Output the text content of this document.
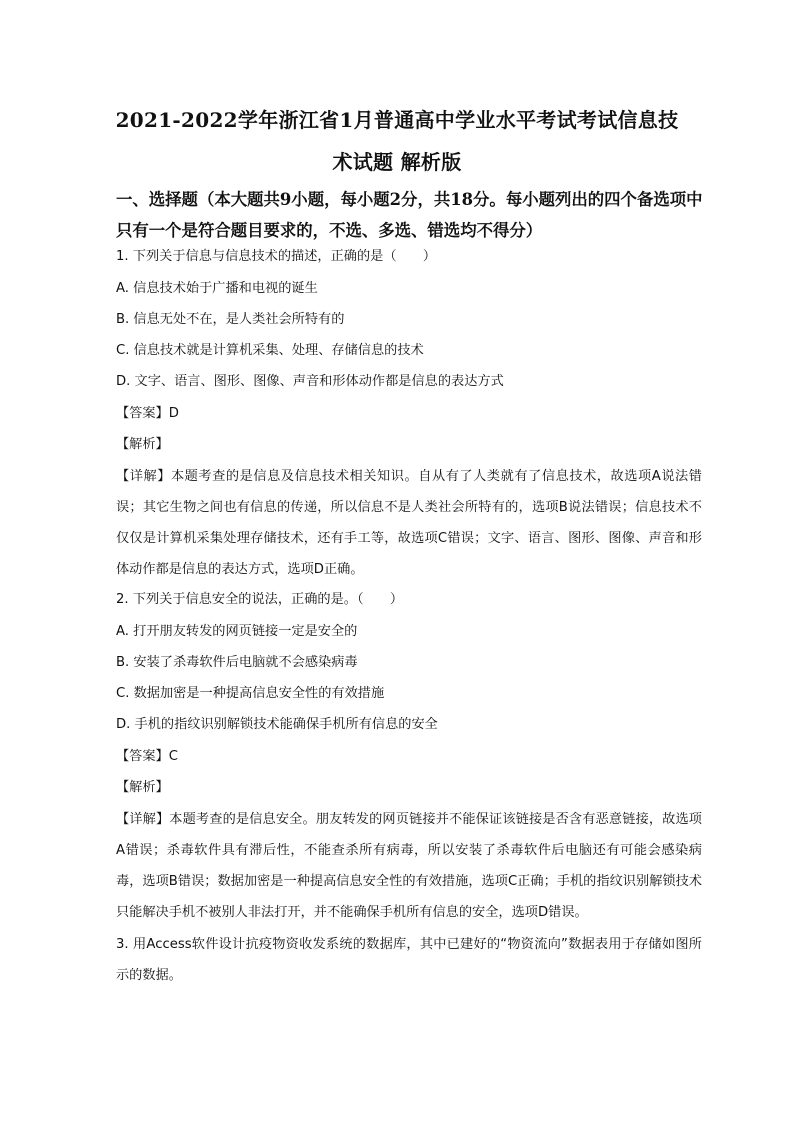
2021-2022学年浙江省1月普通高中学业水平考试考试信息技
术试题 解析版
一、选择题（本大题共9小题，每小题2分，共18分。每小题列出的四个备选项中
只有一个是符合题目要求的，不选、多选、错选均不得分）
1. 下列关于信息与信息技术的描述，正确的是（　　）
A. 信息技术始于广播和电视的诞生
B. 信息无处不在，是人类社会所特有的
C. 信息技术就是计算机采集、处理、存储信息的技术
D. 文字、语言、图形、图像、声音和形体动作都是信息的表达方式
【答案】D
【解析】
【详解】本题考查的是信息及信息技术相关知识。自从有了人类就有了信息技术，故选项A说法错误；其它生物之间也有信息的传递，所以信息不是人类社会所特有的，选项B说法错误；信息技术不仅仅是计算机采集处理存储技术，还有手工等，故选项C错误；文字、语言、图形、图像、声音和形体动作都是信息的表达方式，选项D正确。
2. 下列关于信息安全的说法，正确的是。（　　）
A. 打开朋友转发的网页链接一定是安全的
B. 安装了杀毒软件后电脑就不会感染病毒
C. 数据加密是一种提高信息安全性的有效措施
D. 手机的指纹识别解锁技术能确保手机所有信息的安全
【答案】C
【解析】
【详解】本题考查的是信息安全。朋友转发的网页链接并不能保证该链接是否含有恶意链接，故选项A错误；杀毒软件具有滞后性，不能查杀所有病毒，所以安装了杀毒软件后电脑还有可能会感染病毒，选项B错误；数据加密是一种提高信息安全性的有效措施，选项C正确；手机的指纹识别解锁技术只能解决手机不被别人非法打开，并不能确保手机所有信息的安全，选项D错误。
3. 用Access软件设计抗疫物资收发系统的数据库，其中已建好的“物资流向”数据表用于存储如图所示的数据。
